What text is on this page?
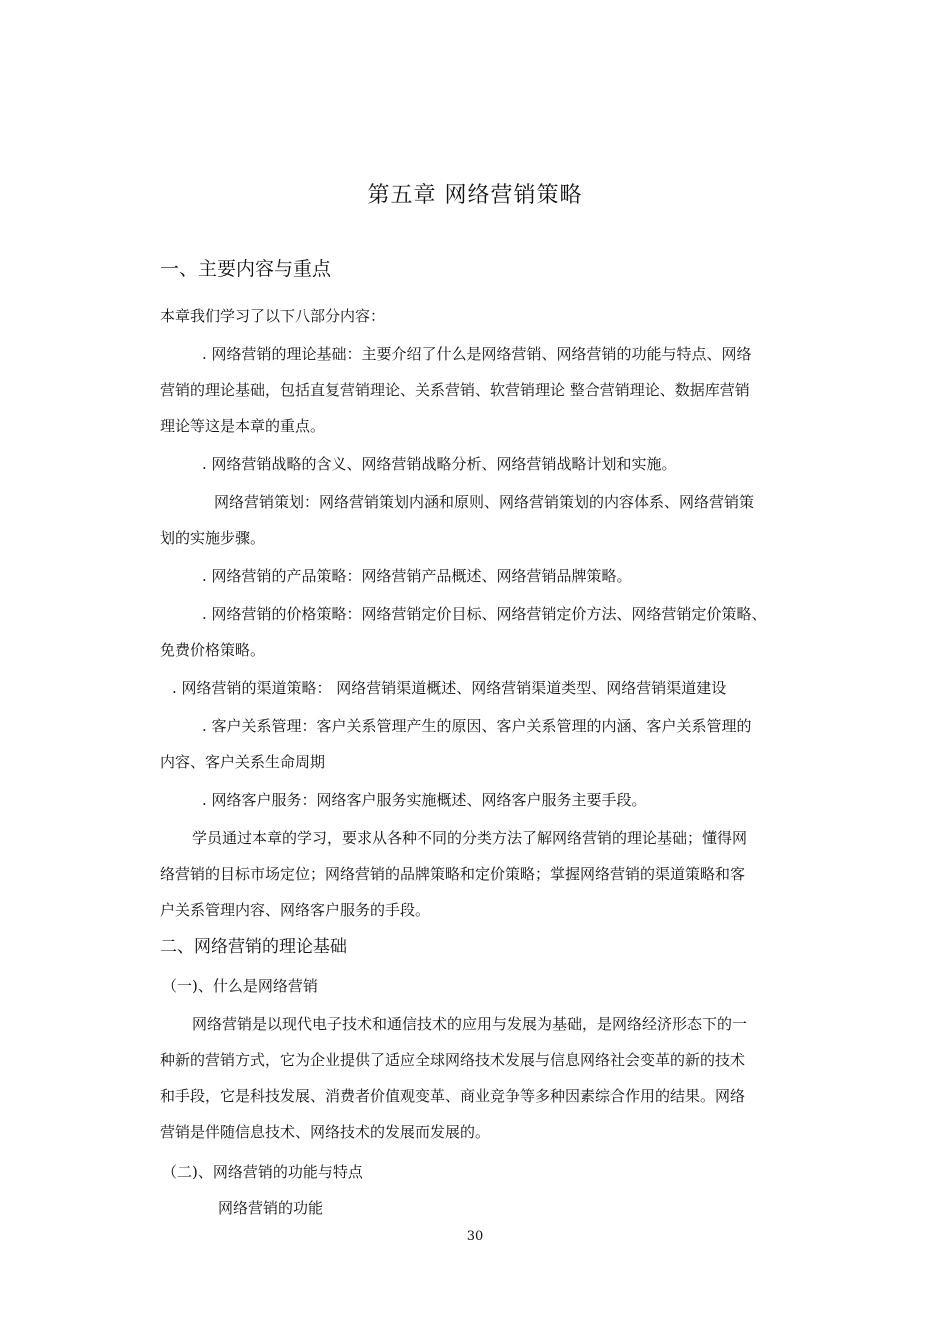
第五章 网络营销策略
一、主要内容与重点
本章我们学习了以下八部分内容：
. 网络营销的理论基础：主要介绍了什么是网络营销、网络营销的功能与特点、网络
营销的理论基础，包括直复营销理论、关系营销、软营销理论 整合营销理论、数据库营销
理论等这是本章的重点。
. 网络营销战略的含义、网络营销战略分析、网络营销战略计划和实施。
网络营销策划：网络营销策划内涵和原则、网络营销策划的内容体系、网络营销策
划的实施步骤。
. 网络营销的产品策略：网络营销产品概述、网络营销品牌策略。
. 网络营销的价格策略：网络营销定价目标、网络营销定价方法、网络营销定价策略、
免费价格策略。
. 网络营销的渠道策略： 网络营销渠道概述、网络营销渠道类型、网络营销渠道建设
. 客户关系管理：客户关系管理产生的原因、客户关系管理的内涵、客户关系管理的
内容、客户关系生命周期
. 网络客户服务：网络客户服务实施概述、网络客户服务主要手段。
学员通过本章的学习，要求从各种不同的分类方法了解网络营销的理论基础；懂得网
络营销的目标市场定位；网络营销的品牌策略和定价策略；掌握网络营销的渠道策略和客
户关系管理内容、网络客户服务的手段。
二、网络营销的理论基础
（一)、什么是网络营销
网络营销是以现代电子技术和通信技术的应用与发展为基础，是网络经济形态下的一
种新的营销方式，它为企业提供了适应全球网络技术发展与信息网络社会变革的新的技术
和手段，它是科技发展、消费者价值观变革、商业竞争等多种因素综合作用的结果。网络
营销是伴随信息技术、网络技术的发展而发展的。
（二)、网络营销的功能与特点
网络营销的功能
30
